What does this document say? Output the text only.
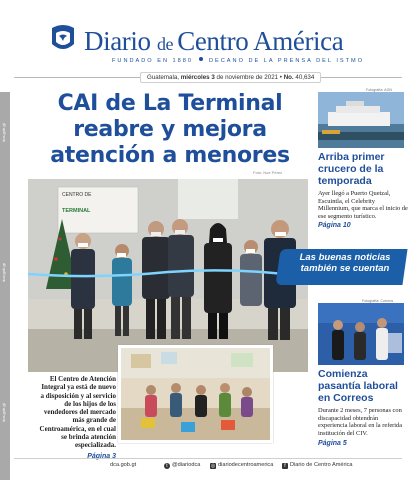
dca.gob.gt
dca.gob.gt
dca.gob.gt
Diario de Centro América
FUNDADO EN 1880	DECANO DE LA PRENSA DEL ISTMO
Guatemala, miércoles 3 de noviembre de 2021 • No. 40,634
CAI de La Terminal reabre y mejora atención a menores
Foto: Noe Pérez
CENTRO DE
TERMINAL
El Centro de Atención Integral ya está de nuevo a disposición y al servicio de los hijos de los vendedores del mercado más grande de Centroamérica, en el cual se brinda atención especializada.
Página 3
Las buenas noticias
también se cuentan
Fotografía: AGN
Arriba primer crucero de la temporada
Ayer llegó a Puerto Quetzal, Escuintla, el Celebrity Millennium, que marca el inicio de ese segmento turístico.
Página 10
Fotografía: Correos
Comienza pasantía laboral en Correos
Durante 2 meses, 7 personas con discapacidad obtendrán experiencia laboral en la referida institución del CIV.
Página 5
dca.gob.gt	t @diariodca ◎ diariodecentroamerica	f Diario de Centro América
